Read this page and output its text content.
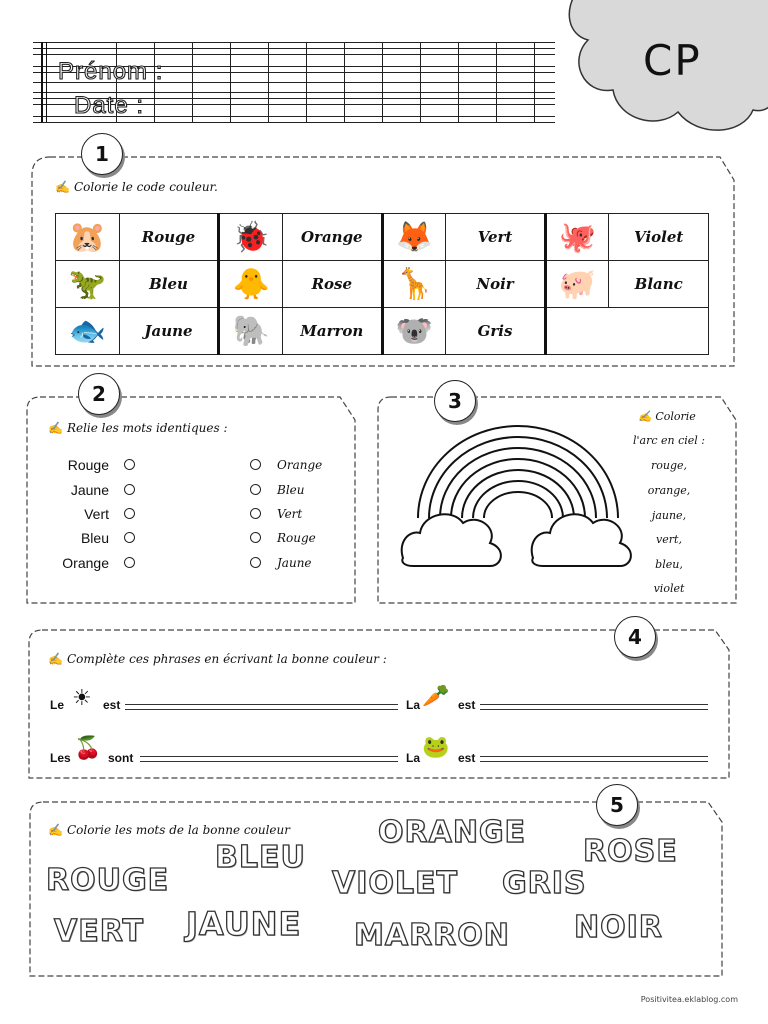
Prénom :
Date :
CP
1
✍ Colorie le code couleur.
🐹	Rouge	🐞	Orange	🦊	Vert	🐙	Violet
🦖	Bleu	🐥	Rose	🦒	Noir	🐖	Blanc
🐟	Jaune	🐘	Marron	🐨	Gris		
2
✍ Relie les mots identiques :
Rouge
Jaune
Vert
Bleu
Orange
Orange
Bleu
Vert
Rouge
Jaune
3
✍ Colorie
l'arc en ciel :
rouge,
orange,
jaune,
vert,
bleu,
violet
4
✍ Complète ces phrases en écrivant la bonne couleur :
Le ☀ est	La 🥕 est
Les 🍒 sont	La 🐸 est
5
✍ Colorie les mots de la bonne couleur	ORANGE
BLEU	ROSE
ROUGE	VIOLET GRIS
VERT JAUNE MARRON NOIR
Positivitea.eklablog.com
